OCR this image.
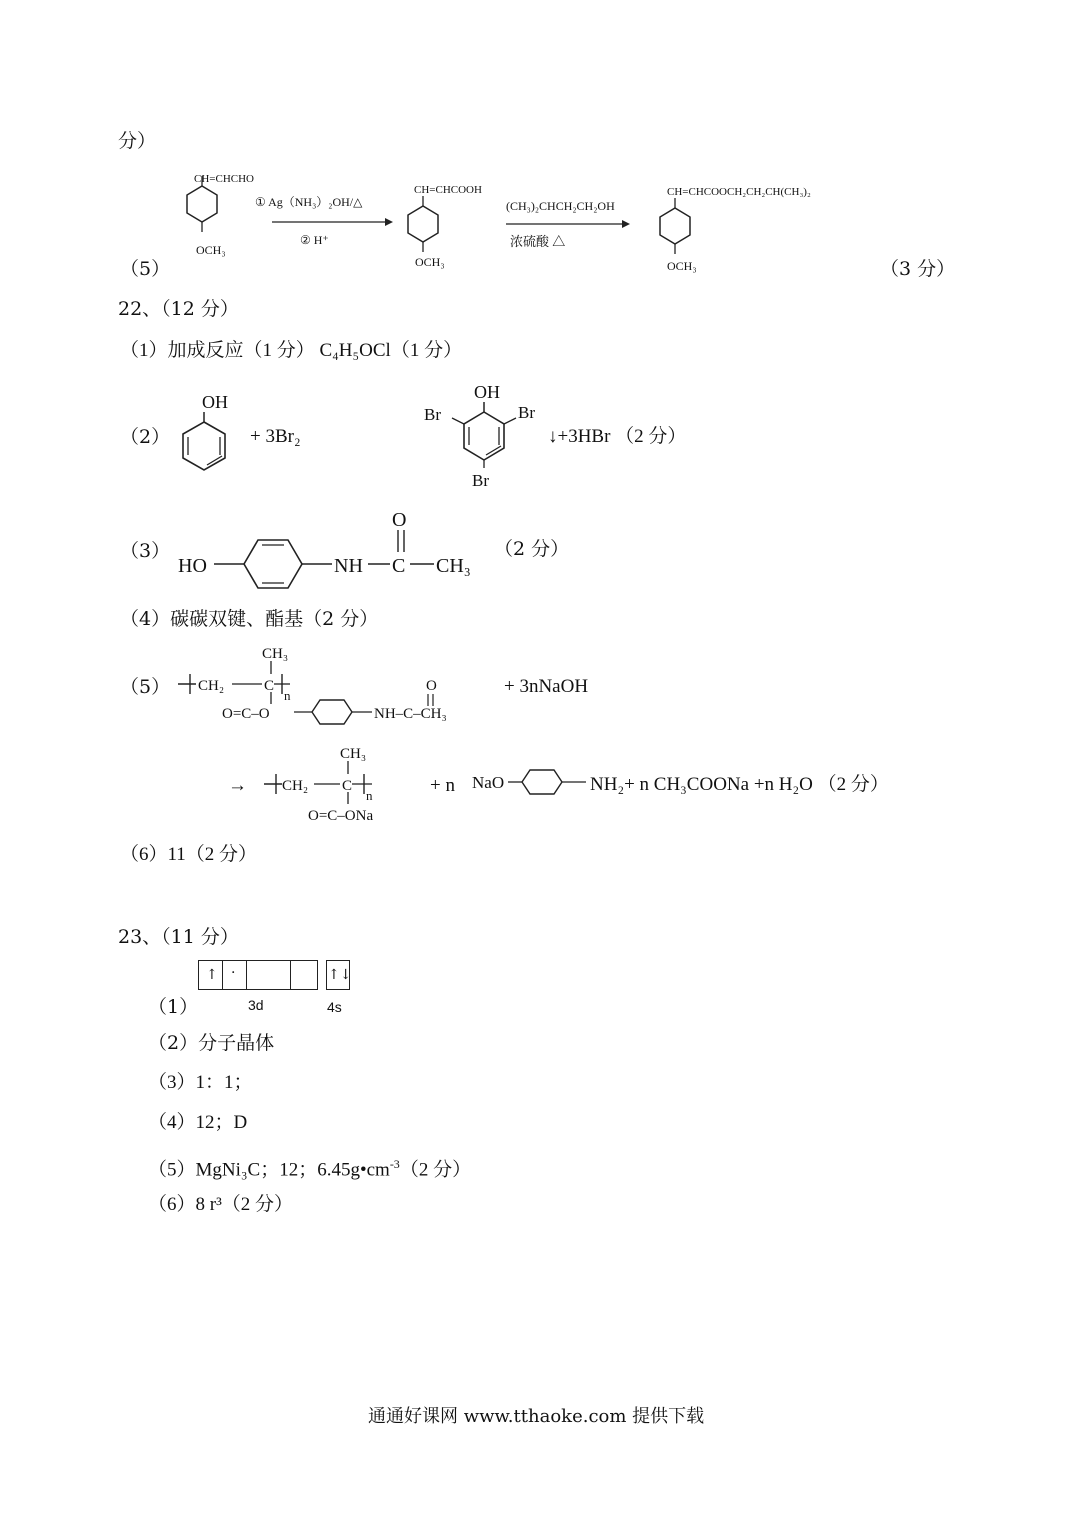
分）
（5）
CH=CHCHO
OCH₃
① Ag（NH₃）₂OH/△
② H⁺
CH=CHCOOH
OCH₃
(CH₃)₂CHCH₂CH₂OH
浓硫酸 △
CH=CHCOOCH₂CH₂CH(CH₃)₂
OCH₃	（3 分）
22、（12 分）
（1）加成反应（1 分） C₄H₅OCl（1 分）
（2）
OH
+ 3Br₂
OH
Br	Br
Br
↓+3HBr （2 分）
（3）
HO	NH C
O
CH₃
（2 分）
（4）碳碳双键、酯基（2 分）
（5）
CH₃
CH₂	C
n
O=C–O	NH–C–CH₃
O	+ 3nNaOH
→
CH₃
CH₂ C
n
O=C–ONa
+ n NaO	NH₂+ n CH₃COONa +n H₂O （2 分）
（6）11（2 分）
23、（11 分）
（1）
↑ ·	↑↓
3d	4s
（2）分子晶体
（3）1：1；
（4）12；D
（5）MgNi₃C；12；$6.45g•cm^{-3}(2$ 分）
（6）8 r³（2 分）
通通好课网 www.tthaoke.com 提供下载
